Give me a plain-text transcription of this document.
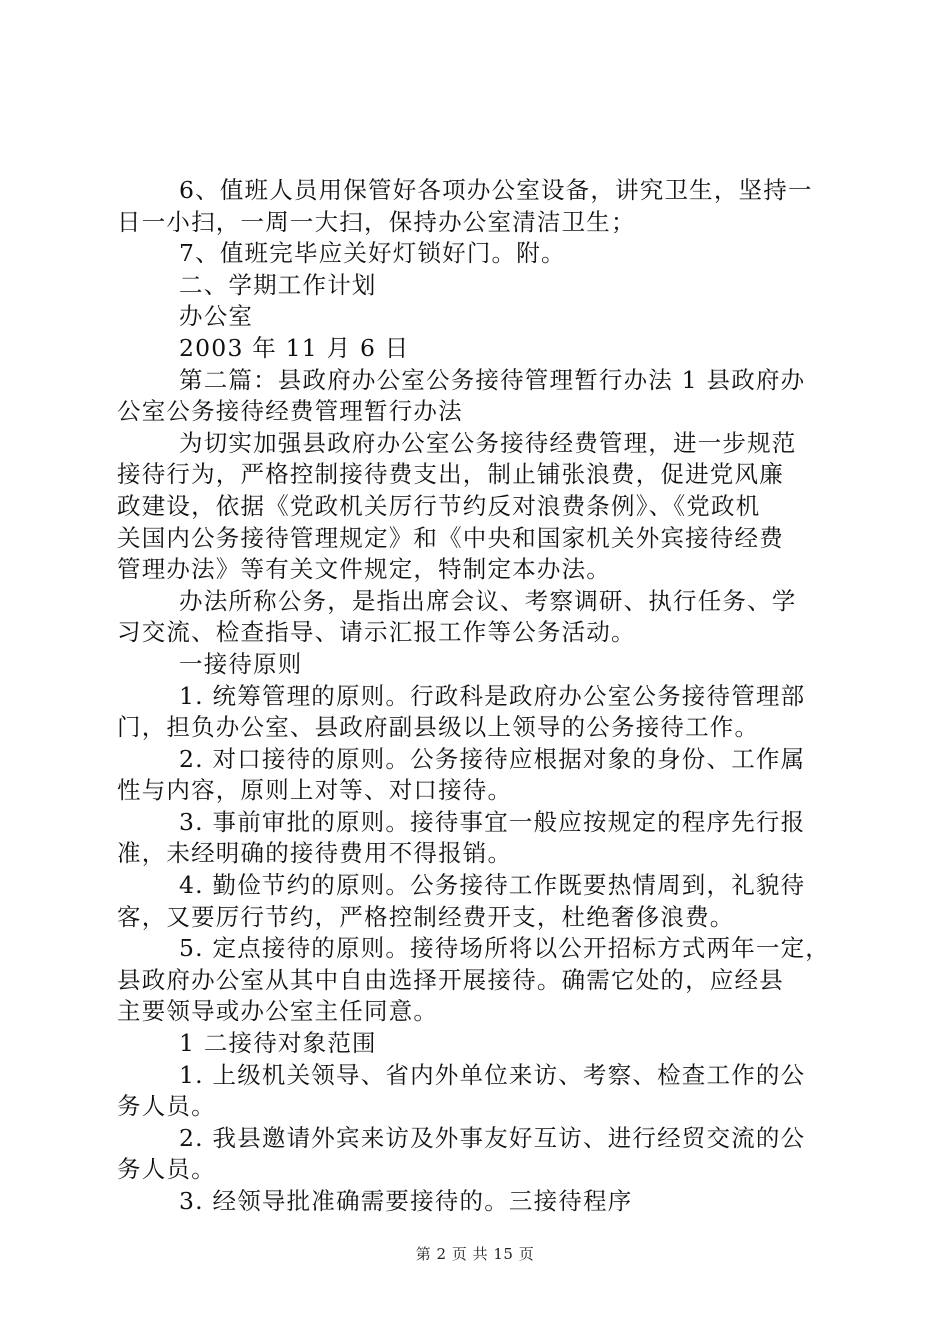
6、值班人员用保管好各项办公室设备，讲究卫生，坚持一
日一小扫，一周一大扫，保持办公室清洁卫生；
7、值班完毕应关好灯锁好门。附。
二、学期工作计划
办公室
2003 年 11 月 6 日
第二篇：县政府办公室公务接待管理暂行办法 1 县政府办
公室公务接待经费管理暂行办法
为切实加强县政府办公室公务接待经费管理，进一步规范
接待行为，严格控制接待费支出，制止铺张浪费，促进党风廉
政建设，依据《党政机关厉行节约反对浪费条例》、《党政机
关国内公务接待管理规定》和《中央和国家机关外宾接待经费
管理办法》等有关文件规定，特制定本办法。
办法所称公务，是指出席会议、考察调研、执行任务、学
习交流、检查指导、请示汇报工作等公务活动。
一接待原则
1. 统筹管理的原则。行政科是政府办公室公务接待管理部
门，担负办公室、县政府副县级以上领导的公务接待工作。
2. 对口接待的原则。公务接待应根据对象的身份、工作属
性与内容，原则上对等、对口接待。
3. 事前审批的原则。接待事宜一般应按规定的程序先行报
准，未经明确的接待费用不得报销。
4. 勤俭节约的原则。公务接待工作既要热情周到，礼貌待
客，又要厉行节约，严格控制经费开支，杜绝奢侈浪费。
5. 定点接待的原则。接待场所将以公开招标方式两年一定，
县政府办公室从其中自由选择开展接待。确需它处的，应经县
主要领导或办公室主任同意。
1 二接待对象范围
1. 上级机关领导、省内外单位来访、考察、检查工作的公
务人员。
2. 我县邀请外宾来访及外事友好互访、进行经贸交流的公
务人员。
3. 经领导批准确需要接待的。三接待程序
第 2 页 共 15 页
